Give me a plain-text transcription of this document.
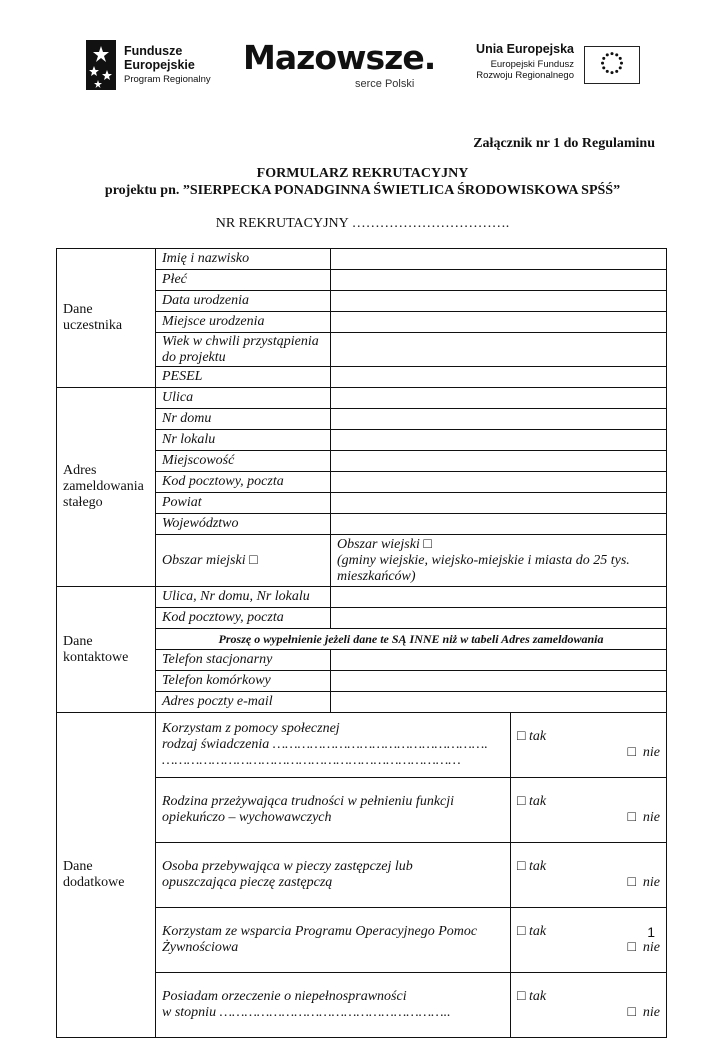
Fundusze
Europejskie
Program Regionalny
Mazowsze.
serce Polski
Unia Europejska
Europejski Fundusz
Rozwoju Regionalnego
Załącznik nr 1 do Regulaminu
FORMULARZ REKRUTACYJNY
projektu pn. ”SIERPECKA PONADGINNA ŚWIETLICA ŚRODOWISKOWA SPŚŚ”
NR REKRUTACYJNY …………………………….
Dane uczestnika	Imię i nazwisko		
	Płeć		
	Data urodzenia		
	Miejsce urodzenia		
	Wiek w chwili przystąpienia do projektu		
	PESEL		
Adres zameldowania stałego	Ulica		
	Nr domu		
	Nr lokalu		
	Miejscowość		
	Kod pocztowy, poczta		
	Powiat		
	Województwo		
	Obszar miejski □	Obszar wiejski □
(gminy wiejskie, wiejsko-miejskie i miasta do 25 tys. mieszkańców)	
Dane kontaktowe	Ulica, Nr domu, Nr lokalu		
	Kod pocztowy, poczta		
	Proszę o wypełnienie jeżeli dane te SĄ INNE niż w tabeli Adres zameldowania		
	Telefon stacjonarny		
	Telefon komórkowy		
	Adres poczty e-mail		
Dane dodatkowe	Korzystam z pomocy społecznej
rodzaj świadczenia …………………………………………….
………………………………………………………………		□ tak

□  nie

	Rodzina przeżywająca trudności w pełnieniu funkcji
opiekuńczo – wychowawczych		□ tak

□  nie

	Osoba przebywająca w pieczy zastępczej lub
opuszczająca pieczę zastępczą		□ tak

□  nie

	Korzystam ze wsparcia Programu Operacyjnego Pomoc
Żywnościowa		□ tak

□  nie

	Posiadam orzeczenie o niepełnosprawności
w stopniu ………………………………………………..		□ tak

□  nie

1
